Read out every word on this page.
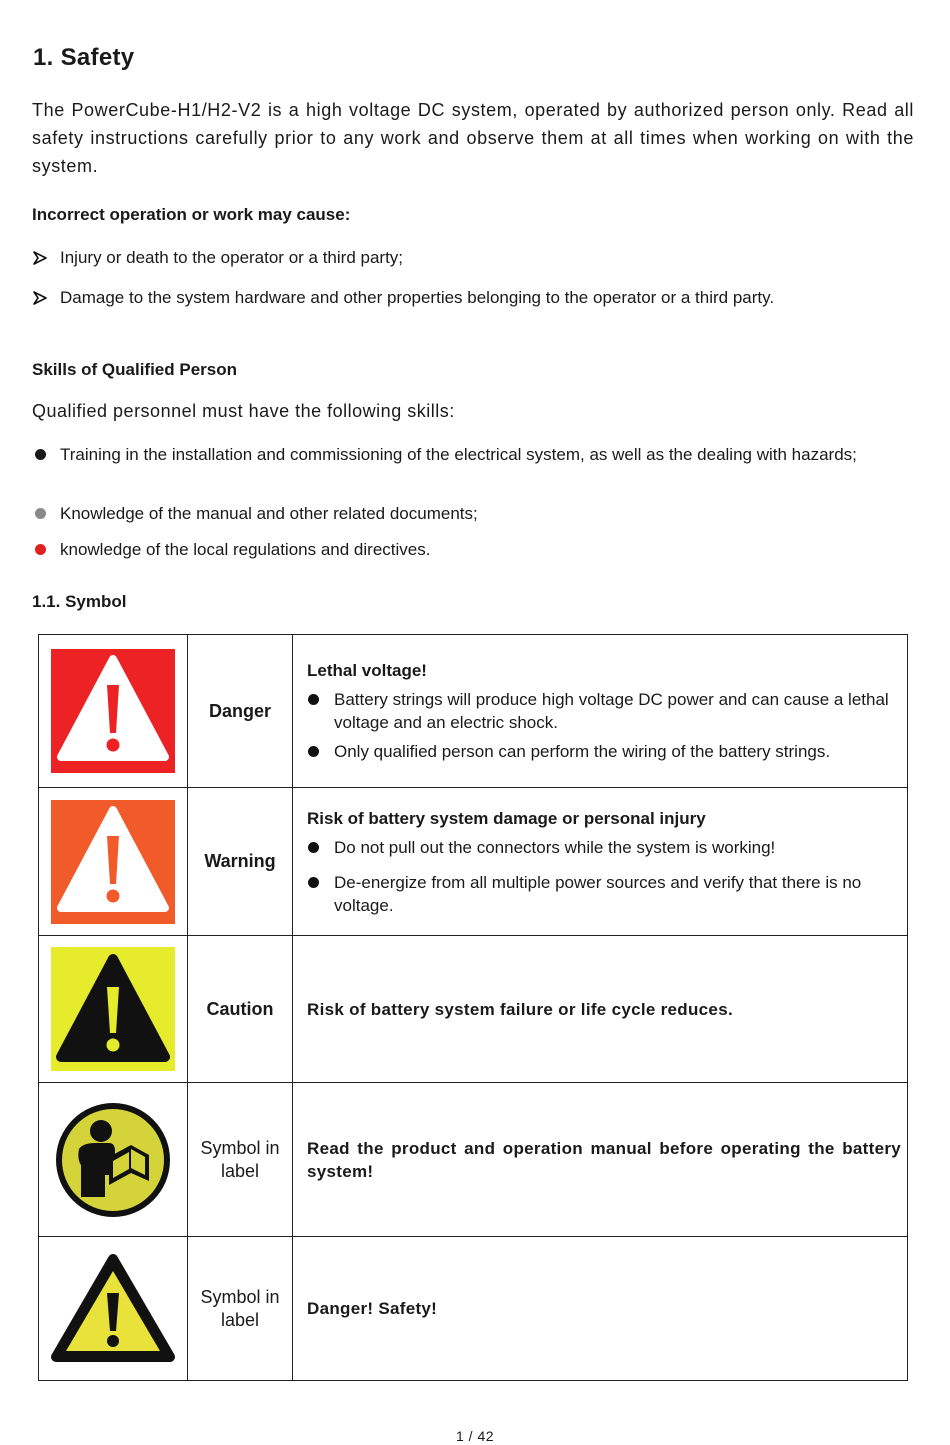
1. Safety

The PowerCube-H1/H2-V2 is a high voltage DC system, operated by authorized person only. Read all safety instructions carefully prior to any work and observe them at all times when working on with the system.

Incorrect operation or work may cause:

Injury or death to the operator or a third party;
Damage to the system hardware and other properties belonging to the operator or a third party.

Skills of Qualified Person

Qualified personnel must have the following skills:

Training in the installation and commissioning of the electrical system, as well as the dealing with hazards;
Knowledge of the manual and other related documents;
knowledge of the local regulations and directives.

1.1. Symbol

	Danger	Lethal voltage!
Battery strings will produce high voltage DC power and can cause a lethal voltage and an electric shock.
Only qualified person can perform the wiring of the battery strings.

	Warning	Risk of battery system damage or personal injury
Do not pull out the connectors while the system is working!
De-energize from all multiple power sources and verify that there is no voltage.

	Caution	Risk of battery system failure or life cycle reduces.

	Symbol in label	Read the product and operation manual before operating the battery system!

	Symbol in label	Danger! Safety!
1 / 42
